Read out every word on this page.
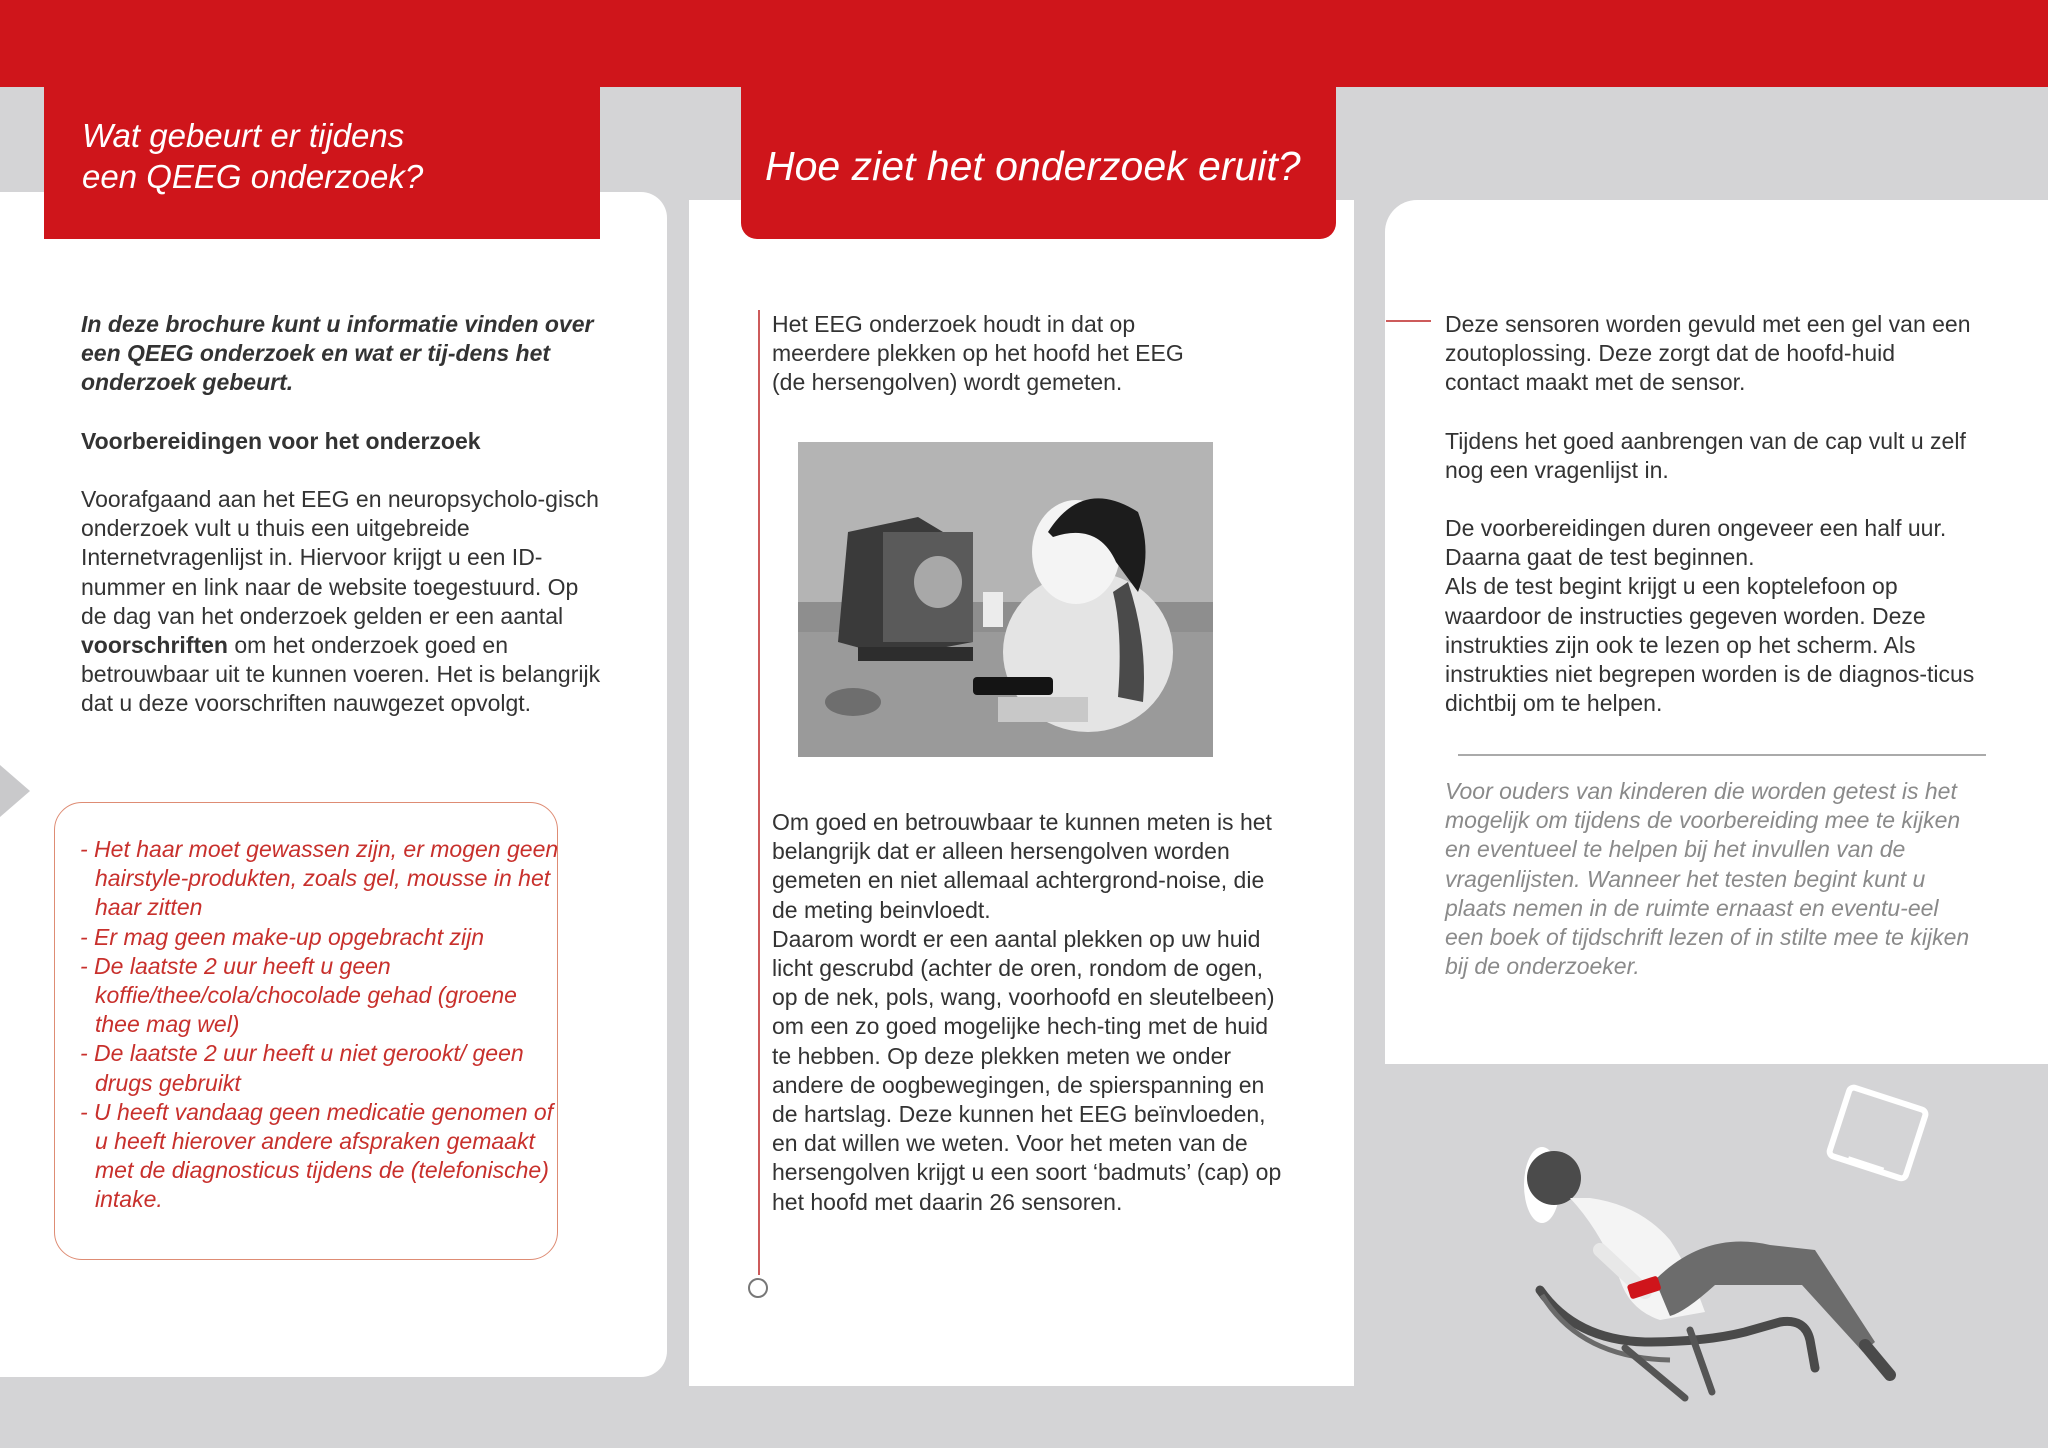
Wat gebeurt er tijdens
een QEEG onderzoek?	Hoe ziet het onderzoek eruit?

In deze brochure kunt u informatie vinden over een QEEG onderzoek en wat er tij-dens het onderzoek gebeurt.

Voorbereidingen voor het onderzoek

Voorafgaand aan het EEG en neuropsycholo-gisch onderzoek vult u thuis een uitgebreide Internetvragenlijst in. Hiervoor krijgt u een ID-nummer en link naar de website toegestuurd. Op de dag van het onderzoek gelden er een aantal voorschriften om het onderzoek goed en betrouwbaar uit te kunnen voeren. Het is belangrijk dat u deze voorschriften nauwgezet opvolgt.

- Het haar moet gewassen zijn, er mogen geen hairstyle-produkten, zoals gel, mousse in het haar zitten
- Er mag geen make-up opgebracht zijn
- De laatste 2 uur heeft u geen koffie/thee/cola/chocolade gehad (groene thee mag wel)
- De laatste 2 uur heeft u niet gerookt/ geen drugs gebruikt
- U heeft vandaag geen medicatie genomen of u heeft hierover andere afspraken gemaakt met de diagnosticus tijdens de (telefonische) intake.

Het EEG onderzoek houdt in dat op meerdere plekken op het hoofd het EEG (de hersengolven) wordt gemeten.

Om goed en betrouwbaar te kunnen meten is het belangrijk dat er alleen hersengolven worden gemeten en niet allemaal achtergrond-noise, die de meting beinvloedt.
Daarom wordt er een aantal plekken op uw huid licht gescrubd (achter de oren, rondom de ogen, op de nek, pols, wang, voorhoofd en sleutelbeen) om een zo goed mogelijke hech-ting met de huid te hebben. Op deze plekken meten we onder andere de oogbewegingen, de spierspanning en de hartslag. Deze kunnen het EEG beïnvloeden, en dat willen we weten. Voor het meten van de hersengolven krijgt u een soort ‘badmuts’ (cap) op het hoofd met daarin 26 sensoren.

Deze sensoren worden gevuld met een gel van een zoutoplossing. Deze zorgt dat de hoofd-huid contact maakt met de sensor.

Tijdens het goed aanbrengen van de cap vult u zelf nog een vragenlijst in.

De voorbereidingen duren ongeveer een half uur. Daarna gaat de test beginnen.
Als de test begint krijgt u een koptelefoon op waardoor de instructies gegeven worden. Deze instrukties zijn ook te lezen op het scherm. Als instrukties niet begrepen worden is de diagnos-ticus dichtbij om te helpen.

Voor ouders van kinderen die worden getest is het mogelijk om tijdens de voorbereiding mee te kijken en eventueel te helpen bij het invullen van de vragenlijsten. Wanneer het testen begint kunt u plaats nemen in de ruimte ernaast en eventu-eel een boek of tijdschrift lezen of in stilte mee te kijken bij de onderzoeker.
